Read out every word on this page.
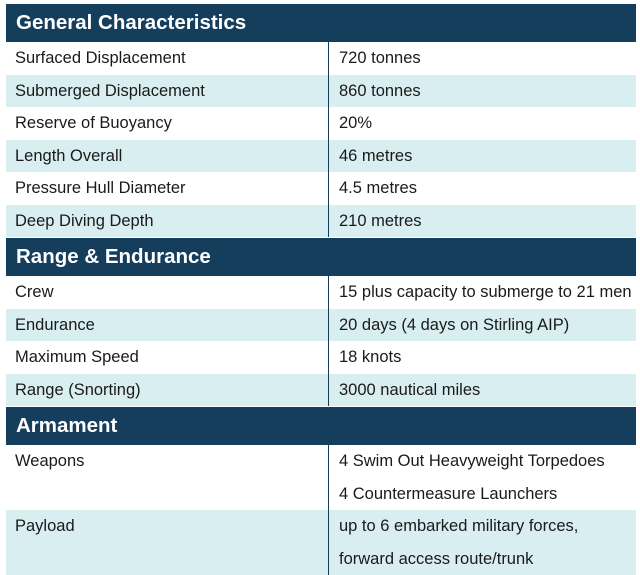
General Characteristics
Surfaced Displacement	720 tonnes
Submerged Displacement	860 tonnes
Reserve of Buoyancy	20%
Length Overall	46 metres
Pressure Hull Diameter	4.5 metres
Deep Diving Depth	210 metres
Range & Endurance
Crew	15 plus capacity to submerge to 21 men
Endurance	20 days (4 days on Stirling AIP)
Maximum Speed	18 knots
Range (Snorting)	3000 nautical miles
Armament
Weapons	4 Swim Out Heavyweight Torpedoes
4 Countermeasure Launchers
Payload	up to 6 embarked military forces,
forward access route/trunk
